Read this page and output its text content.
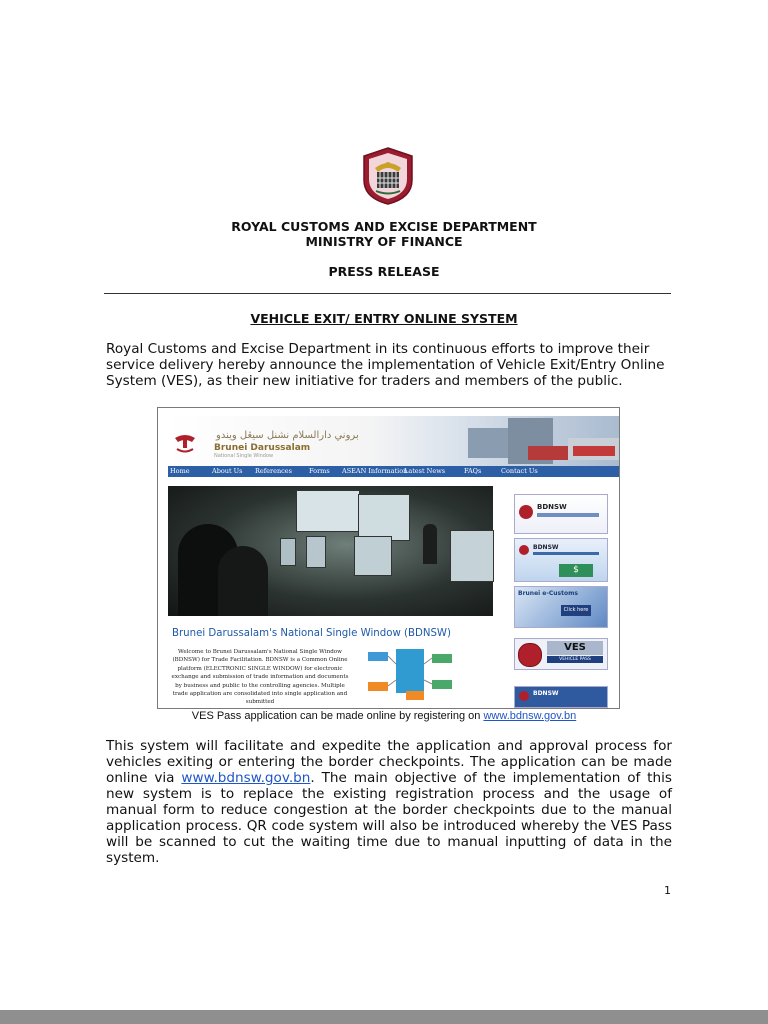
ROYAL CUSTOMS AND EXCISE DEPARTMENT
MINISTRY OF FINANCE
PRESS RELEASE
VEHICLE EXIT/ ENTRY ONLINE SYSTEM
Royal Customs and Excise Department in its continuous efforts to improve their service delivery hereby announce the implementation of Vehicle Exit/Entry Online System (VES), as their new initiative for traders and members of the public.
بروني دارالسلام نشنل سيڠل ويندو
Brunei Darussalam
National Single Window
Home	About Us References	Forms ASEAN Information
Latest News	FAQs	Contact Us
Brunei Darussalam's National Single Window (BDNSW)
Welcome to Brunei Darussalam's National Single Window (BDNSW) for Trade Facilitation. BDNSW is a Common Online platform (ELECTRONIC SINGLE WINDOW) for electronic exchange and submission of trade information and documents by business and public to the controlling agencies. Multiple trade application are consolidated into single application and submitted
BDNSW
BDNSW
$
Brunei e-Customs
Click here
VES
VEHICLE PASS
BDNSW
VES Pass application can be made online by registering on www.bdnsw.gov.bn
This system will facilitate and expedite the application and approval process for vehicles exiting or entering the border checkpoints. The application can be made online via www.bdnsw.gov.bn. The main objective of the implementation of this new system is to replace the existing registration process and the usage of manual form to reduce congestion at the border checkpoints due to the manual application process. QR code system will also be introduced whereby the VES Pass will be scanned to cut the waiting time due to manual inputting of data in the system.
1
